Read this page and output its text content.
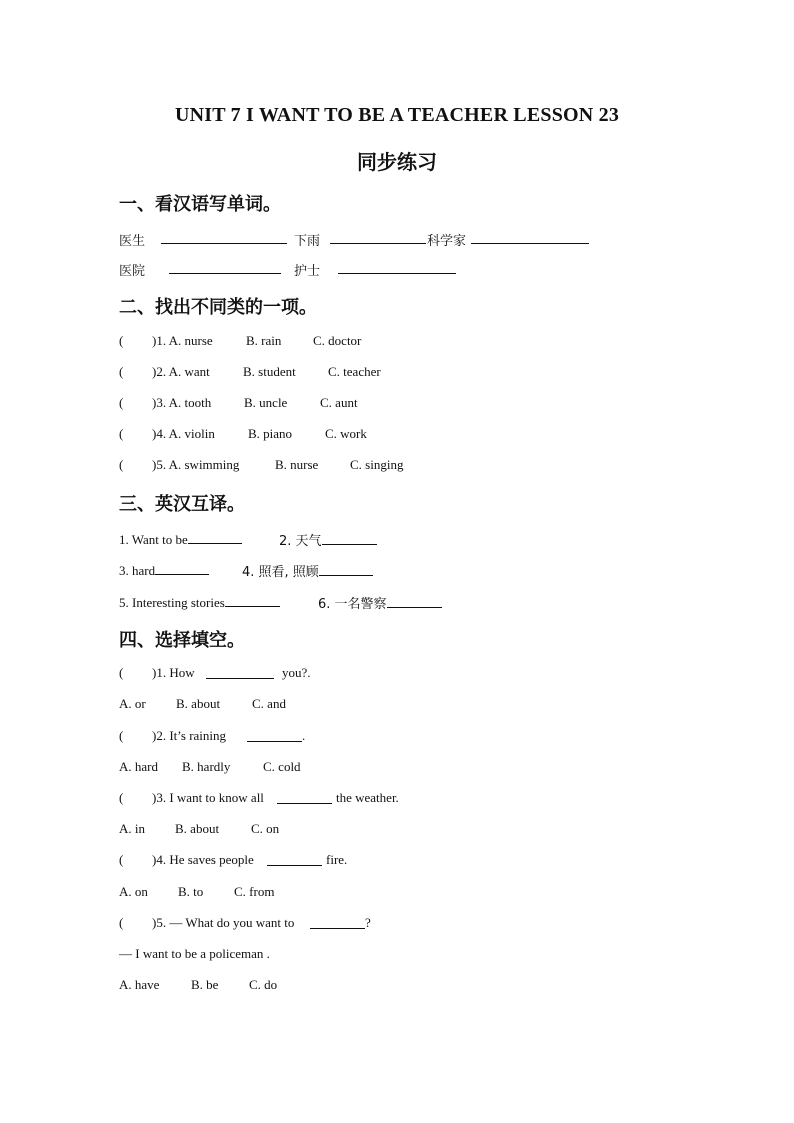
UNIT 7 I WANT TO BE A TEACHER LESSON 23
同步练习
一、看汉语写单词。
医生	下雨	科学家
医院	护士
二、找出不同类的一项。
( )1. A. nurse	B. rain C. doctor
( )2. A. want	B. student C. teacher
( )3. A. tooth	B. uncle	C. aunt
( )4. A. violin	B. piano	C. work
( )5. A. swimming	B. nurse C. singing
三、英汉互译。
1. Want to be	2. 天气
3. hard	4. 照看, 照顾
5. Interesting stories	6. 一名警察
四、选择填空。
( )1. How	you?.
A. or B. about C. and
( )2. It’s raining	.
A. hard B. hardly	C. cold
( )3. I want to know all	the weather.
A. in B. about C. on
( )4. He saves people	fire.
A. on B. to C. from
( )5. — What do you want to	?
— I want to be a policeman .
A. have B. be C. do
